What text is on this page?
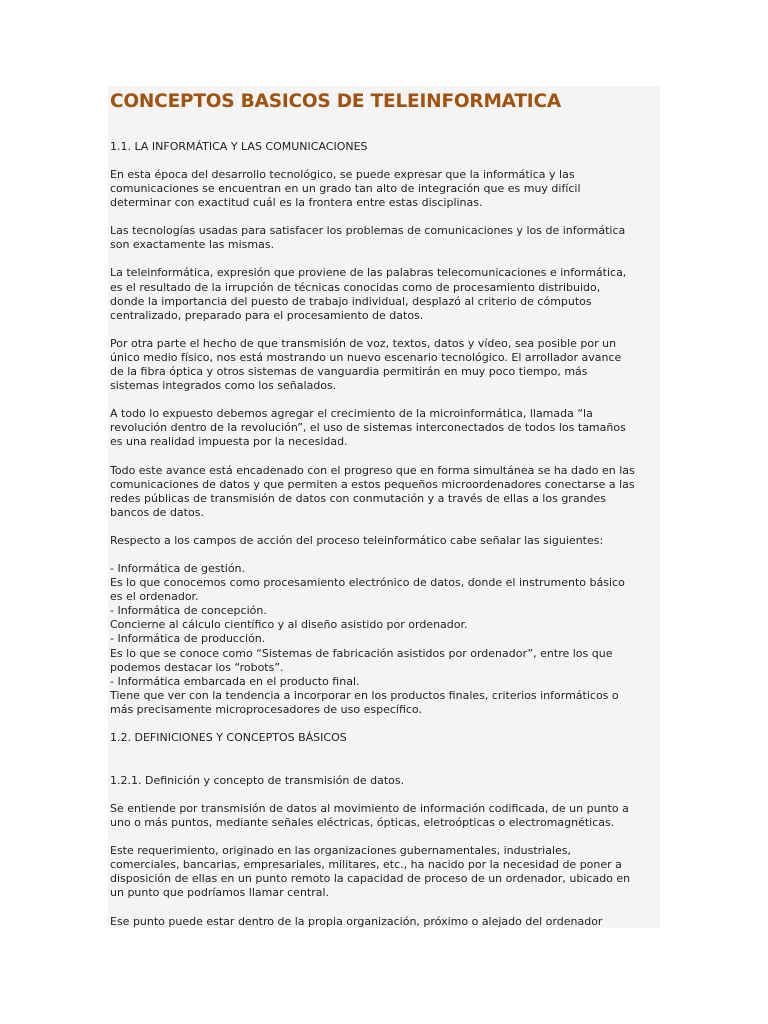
CONCEPTOS BASICOS DE TELEINFORMATICA
1.1. LA INFORMÁTICA Y LAS COMUNICACIONES

En esta época del desarrollo tecnológico, se puede expresar que la informática y las
comunicaciones se encuentran en un grado tan alto de integración que es muy difícil
determinar con exactitud cuál es la frontera entre estas disciplinas.

Las tecnologías usadas para satisfacer los problemas de comunicaciones y los de informática
son exactamente las mismas.

La teleinformática, expresión que proviene de las palabras telecomunicaciones e informática,
es el resultado de la irrupción de técnicas conocidas como de procesamiento distribuido,
donde la importancia del puesto de trabajo individual, desplazó al criterio de cómputos
centralizado, preparado para el procesamiento de datos.

Por otra parte el hecho de que transmisión de voz, textos, datos y vídeo, sea posible por un
único medio físico, nos está mostrando un nuevo escenario tecnológico. El arrollador avance
de la fibra óptica y otros sistemas de vanguardia permitirán en muy poco tiempo, más
sistemas integrados como los señalados.

A todo lo expuesto debemos agregar el crecimiento de la microinformática, llamada “la
revolución dentro de la revolución”, el uso de sistemas interconectados de todos los tamaños
es una realidad impuesta por la necesidad.

Todo este avance está encadenado con el progreso que en forma simultánea se ha dado en las
comunicaciones de datos y que permiten a estos pequeños microordenadores conectarse a las
redes públicas de transmisión de datos con conmutación y a través de ellas a los grandes
bancos de datos.

Respecto a los campos de acción del proceso teleinformático cabe señalar las siguientes:

- Informática de gestión.
Es lo que conocemos como procesamiento electrónico de datos, donde el instrumento básico
es el ordenador.
- Informática de concepción.
Concierne al cálculo científico y al diseño asistido por ordenador.
- Informática de producción.
Es lo que se conoce como “Sistemas de fabricación asistidos por ordenador”, entre los que
podemos destacar los “robots”.
- Informática embarcada en el producto final.
Tiene que ver con la tendencia a incorporar en los productos finales, criterios informáticos o
más precisamente microprocesadores de uso específico.

1.2. DEFINICIONES Y CONCEPTOS BÁSICOS
1.2.1. Definición y concepto de transmisión de datos.

Se entiende por transmisión de datos al movimiento de información codificada, de un punto a
uno o más puntos, mediante señales eléctricas, ópticas, eletroópticas o electromagnéticas.

Este requerimiento, originado en las organizaciones gubernamentales, industriales,
comerciales, bancarias, empresariales, militares, etc., ha nacido por la necesidad de poner a
disposición de ellas en un punto remoto la capacidad de proceso de un ordenador, ubicado en
un punto que podríamos llamar central.

Ese punto puede estar dentro de la propia organización, próximo o alejado del ordenador
